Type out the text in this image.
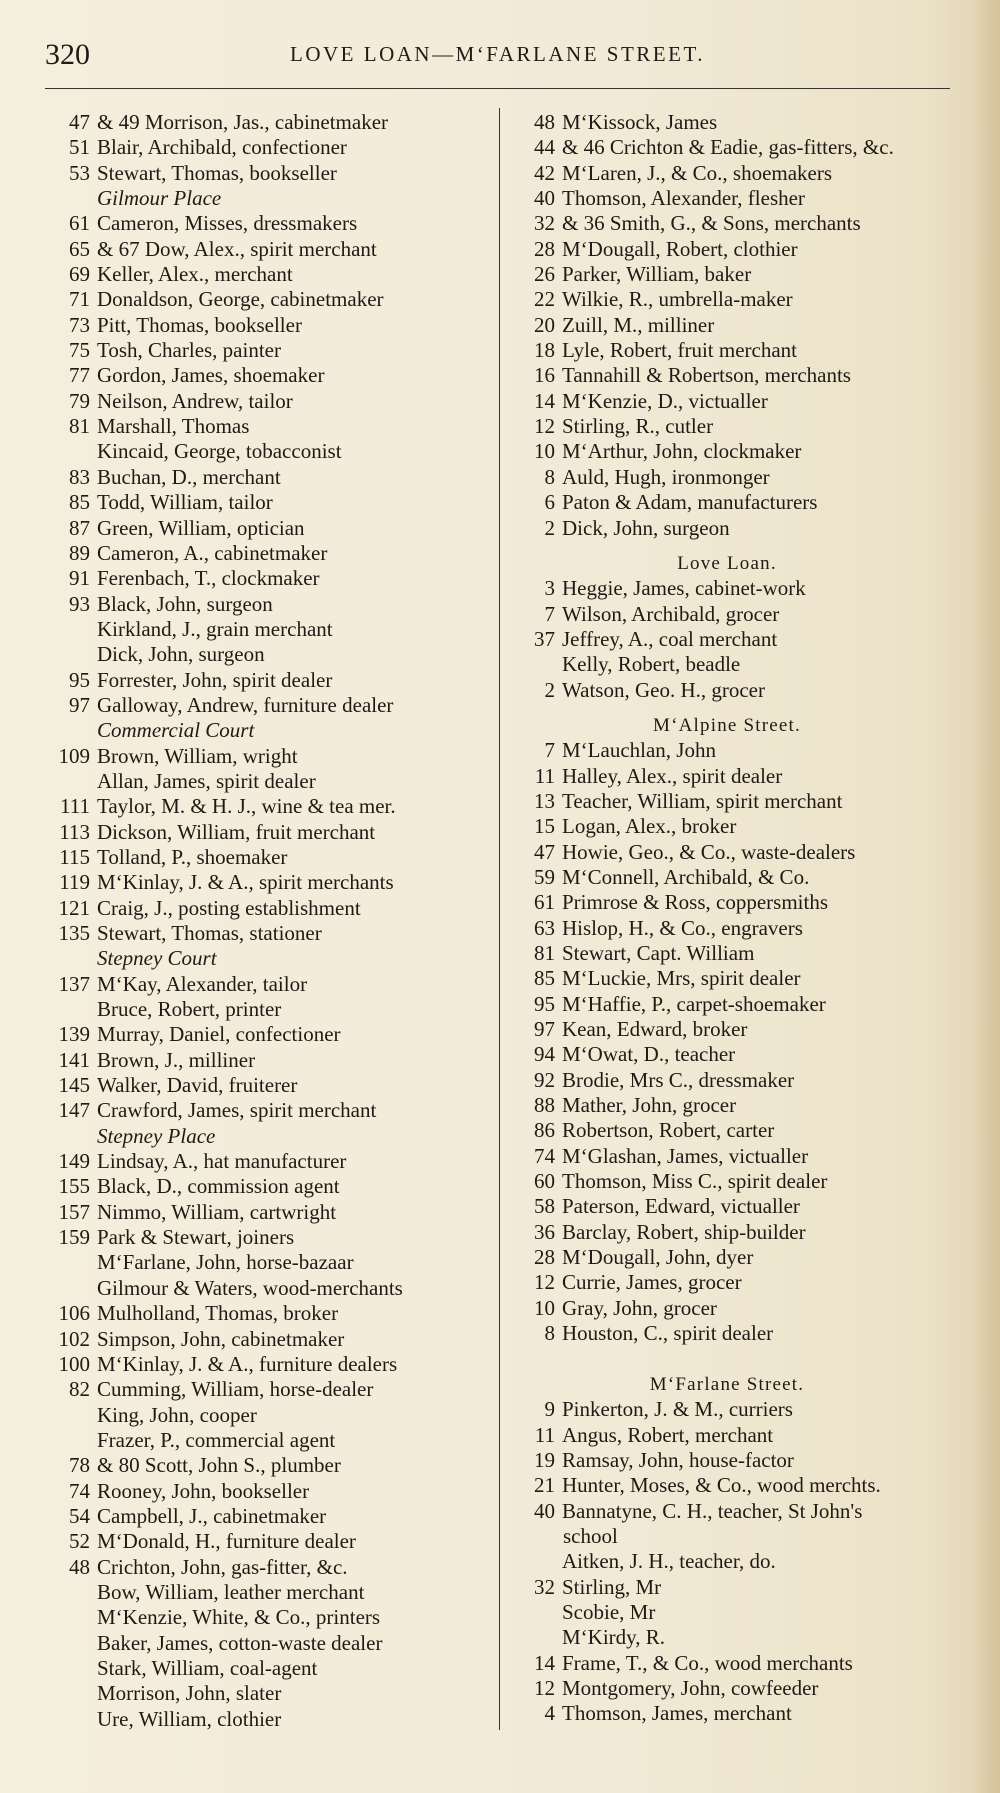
320	LOVE LOAN—M‘FARLANE STREET.
47 & 49 Morrison, Jas., cabinetmaker
51 Blair, Archibald, confectioner
53 Stewart, Thomas, bookseller
Gilmour Place
61 Cameron, Misses, dressmakers
65 & 67 Dow, Alex., spirit merchant
69 Keller, Alex., merchant
71 Donaldson, George, cabinetmaker
73 Pitt, Thomas, bookseller
75 Tosh, Charles, painter
77 Gordon, James, shoemaker
79 Neilson, Andrew, tailor
81 Marshall, Thomas
Kincaid, George, tobacconist
83 Buchan, D., merchant
85 Todd, William, tailor
87 Green, William, optician
89 Cameron, A., cabinetmaker
91 Ferenbach, T., clockmaker
93 Black, John, surgeon
Kirkland, J., grain merchant
Dick, John, surgeon
95 Forrester, John, spirit dealer
97 Galloway, Andrew, furniture dealer
Commercial Court
109 Brown, William, wright
Allan, James, spirit dealer
111 Taylor, M. & H. J., wine & tea mer.
113 Dickson, William, fruit merchant
115 Tolland, P., shoemaker
119 M‘Kinlay, J. & A., spirit merchants
121 Craig, J., posting establishment
135 Stewart, Thomas, stationer
Stepney Court
137 M‘Kay, Alexander, tailor
Bruce, Robert, printer
139 Murray, Daniel, confectioner
141 Brown, J., milliner
145 Walker, David, fruiterer
147 Crawford, James, spirit merchant
Stepney Place
149 Lindsay, A., hat manufacturer
155 Black, D., commission agent
157 Nimmo, William, cartwright
159 Park & Stewart, joiners
M‘Farlane, John, horse-bazaar
Gilmour & Waters, wood-merchants
106 Mulholland, Thomas, broker
102 Simpson, John, cabinetmaker
100 M‘Kinlay, J. & A., furniture dealers
82 Cumming, William, horse-dealer
King, John, cooper
Frazer, P., commercial agent
78 & 80 Scott, John S., plumber
74 Rooney, John, bookseller
54 Campbell, J., cabinetmaker
52 M‘Donald, H., furniture dealer
48 Crichton, John, gas-fitter, &c.
Bow, William, leather merchant
M‘Kenzie, White, & Co., printers
Baker, James, cotton-waste dealer
Stark, William, coal-agent
Morrison, John, slater
Ure, William, clothier
48 M‘Kissock, James
44 & 46 Crichton & Eadie, gas-fitters, &c.
42 M‘Laren, J., & Co., shoemakers
40 Thomson, Alexander, flesher
32 & 36 Smith, G., & Sons, merchants
28 M‘Dougall, Robert, clothier
26 Parker, William, baker
22 Wilkie, R., umbrella-maker
20 Zuill, M., milliner
18 Lyle, Robert, fruit merchant
16 Tannahill & Robertson, merchants
14 M‘Kenzie, D., victualler
12 Stirling, R., cutler
10 M‘Arthur, John, clockmaker
8 Auld, Hugh, ironmonger
6 Paton & Adam, manufacturers
2 Dick, John, surgeon
Love Loan.
3 Heggie, James, cabinet-work
7 Wilson, Archibald, grocer
37 Jeffrey, A., coal merchant
Kelly, Robert, beadle
2 Watson, Geo. H., grocer
M‘Alpine Street.
7 M‘Lauchlan, John
11 Halley, Alex., spirit dealer
13 Teacher, William, spirit merchant
15 Logan, Alex., broker
47 Howie, Geo., & Co., waste-dealers
59 M‘Connell, Archibald, & Co.
61 Primrose & Ross, coppersmiths
63 Hislop, H., & Co., engravers
81 Stewart, Capt. William
85 M‘Luckie, Mrs, spirit dealer
95 M‘Haffie, P., carpet-shoemaker
97 Kean, Edward, broker
94 M‘Owat, D., teacher
92 Brodie, Mrs C., dressmaker
88 Mather, John, grocer
86 Robertson, Robert, carter
74 M‘Glashan, James, victualler
60 Thomson, Miss C., spirit dealer
58 Paterson, Edward, victualler
36 Barclay, Robert, ship-builder
28 M‘Dougall, John, dyer
12 Currie, James, grocer
10 Gray, John, grocer
8 Houston, C., spirit dealer
M‘Farlane Street.
9 Pinkerton, J. & M., curriers
11 Angus, Robert, merchant
19 Ramsay, John, house-factor
21 Hunter, Moses, & Co., wood merchts.
40 Bannatyne, C. H., teacher, St John's
school
Aitken, J. H., teacher, do.
32 Stirling, Mr
Scobie, Mr
M‘Kirdy, R.
14 Frame, T., & Co., wood merchants
12 Montgomery, John, cowfeeder
4 Thomson, James, merchant
